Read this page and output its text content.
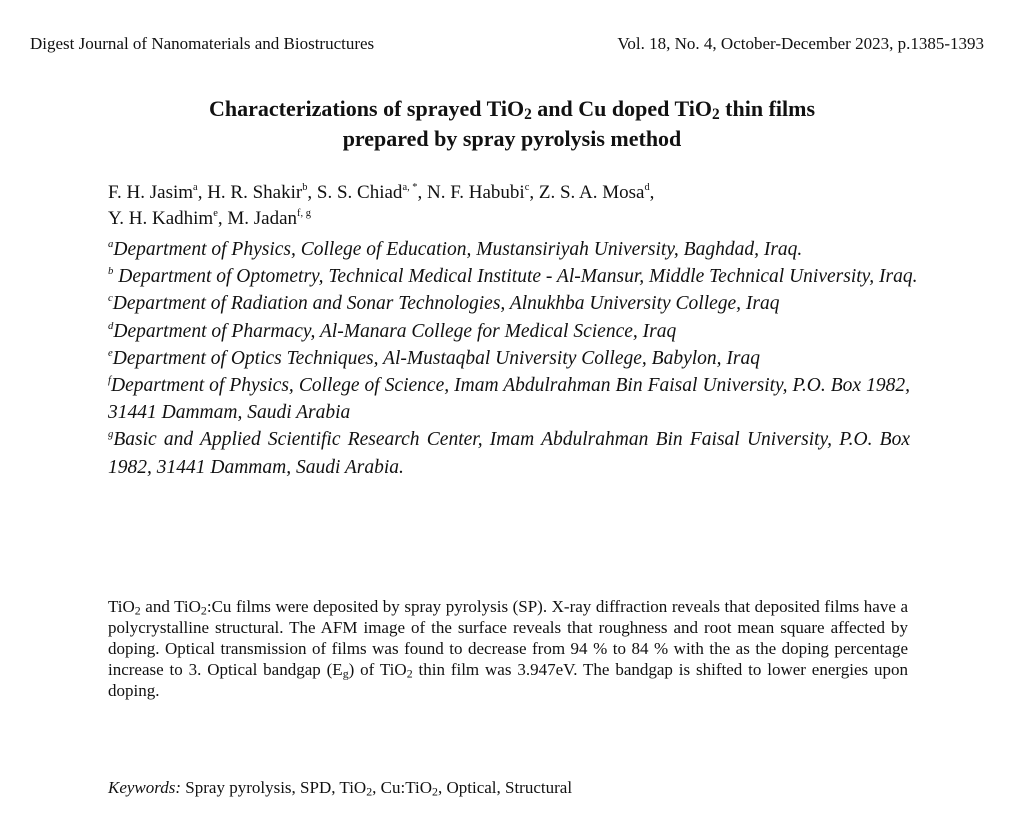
Digest Journal of Nanomaterials and Biostructures	Vol. 18, No. 4, October-December 2023, p.1385-1393
Characterizations of sprayed TiO$_2$ and Cu doped TiO$_2$ thin films
prepared by spray pyrolysis method
F. H. Jasim$^a$, H. R. Shakir$^b$, S. S. Chiad$^{a, *}$, N. F. Habubi$^c$, Z. S. A. Mosa$^d$,
Y. H. Kadhim$^e$, M. Jadan$^{f, g}$

$^a$Department of Physics, College of Education, Mustansiriyah University, Baghdad, Iraq.

$^b$ Department of Optometry, Technical Medical Institute - Al-Mansur, Middle Technical University, Iraq.

$^c$Department of Radiation and Sonar Technologies, Alnukhba University College, Iraq

$^d$Department of Pharmacy, Al-Manara College for Medical Science, Iraq

$^e$Department of Optics Techniques, Al-Mustaqbal University College, Babylon, Iraq

$^f$Department of Physics, College of Science, Imam Abdulrahman Bin Faisal University, P.O. Box 1982, 31441 Dammam, Saudi Arabia

$^g$Basic and Applied Scientific Research Center, Imam Abdulrahman Bin Faisal University, P.O. Box 1982, 31441 Dammam, Saudi Arabia.

TiO$_2$ and TiO$_2$:Cu films were deposited by spray pyrolysis (SP). X-ray diffraction reveals that deposited films have a polycrystalline structural. The AFM image of the surface reveals that roughness and root mean square affected by doping. Optical transmission of films was found to decrease from 94 % to 84 % with the as the doping percentage increase to 3. Optical bandgap $(E_g)$ of TiO$_2$ thin film was 3.947eV. The bandgap is shifted to lower energies upon doping.
Keywords: Spray pyrolysis, SPD, TiO$_2$, Cu:TiO$_2$, Optical, Structural
